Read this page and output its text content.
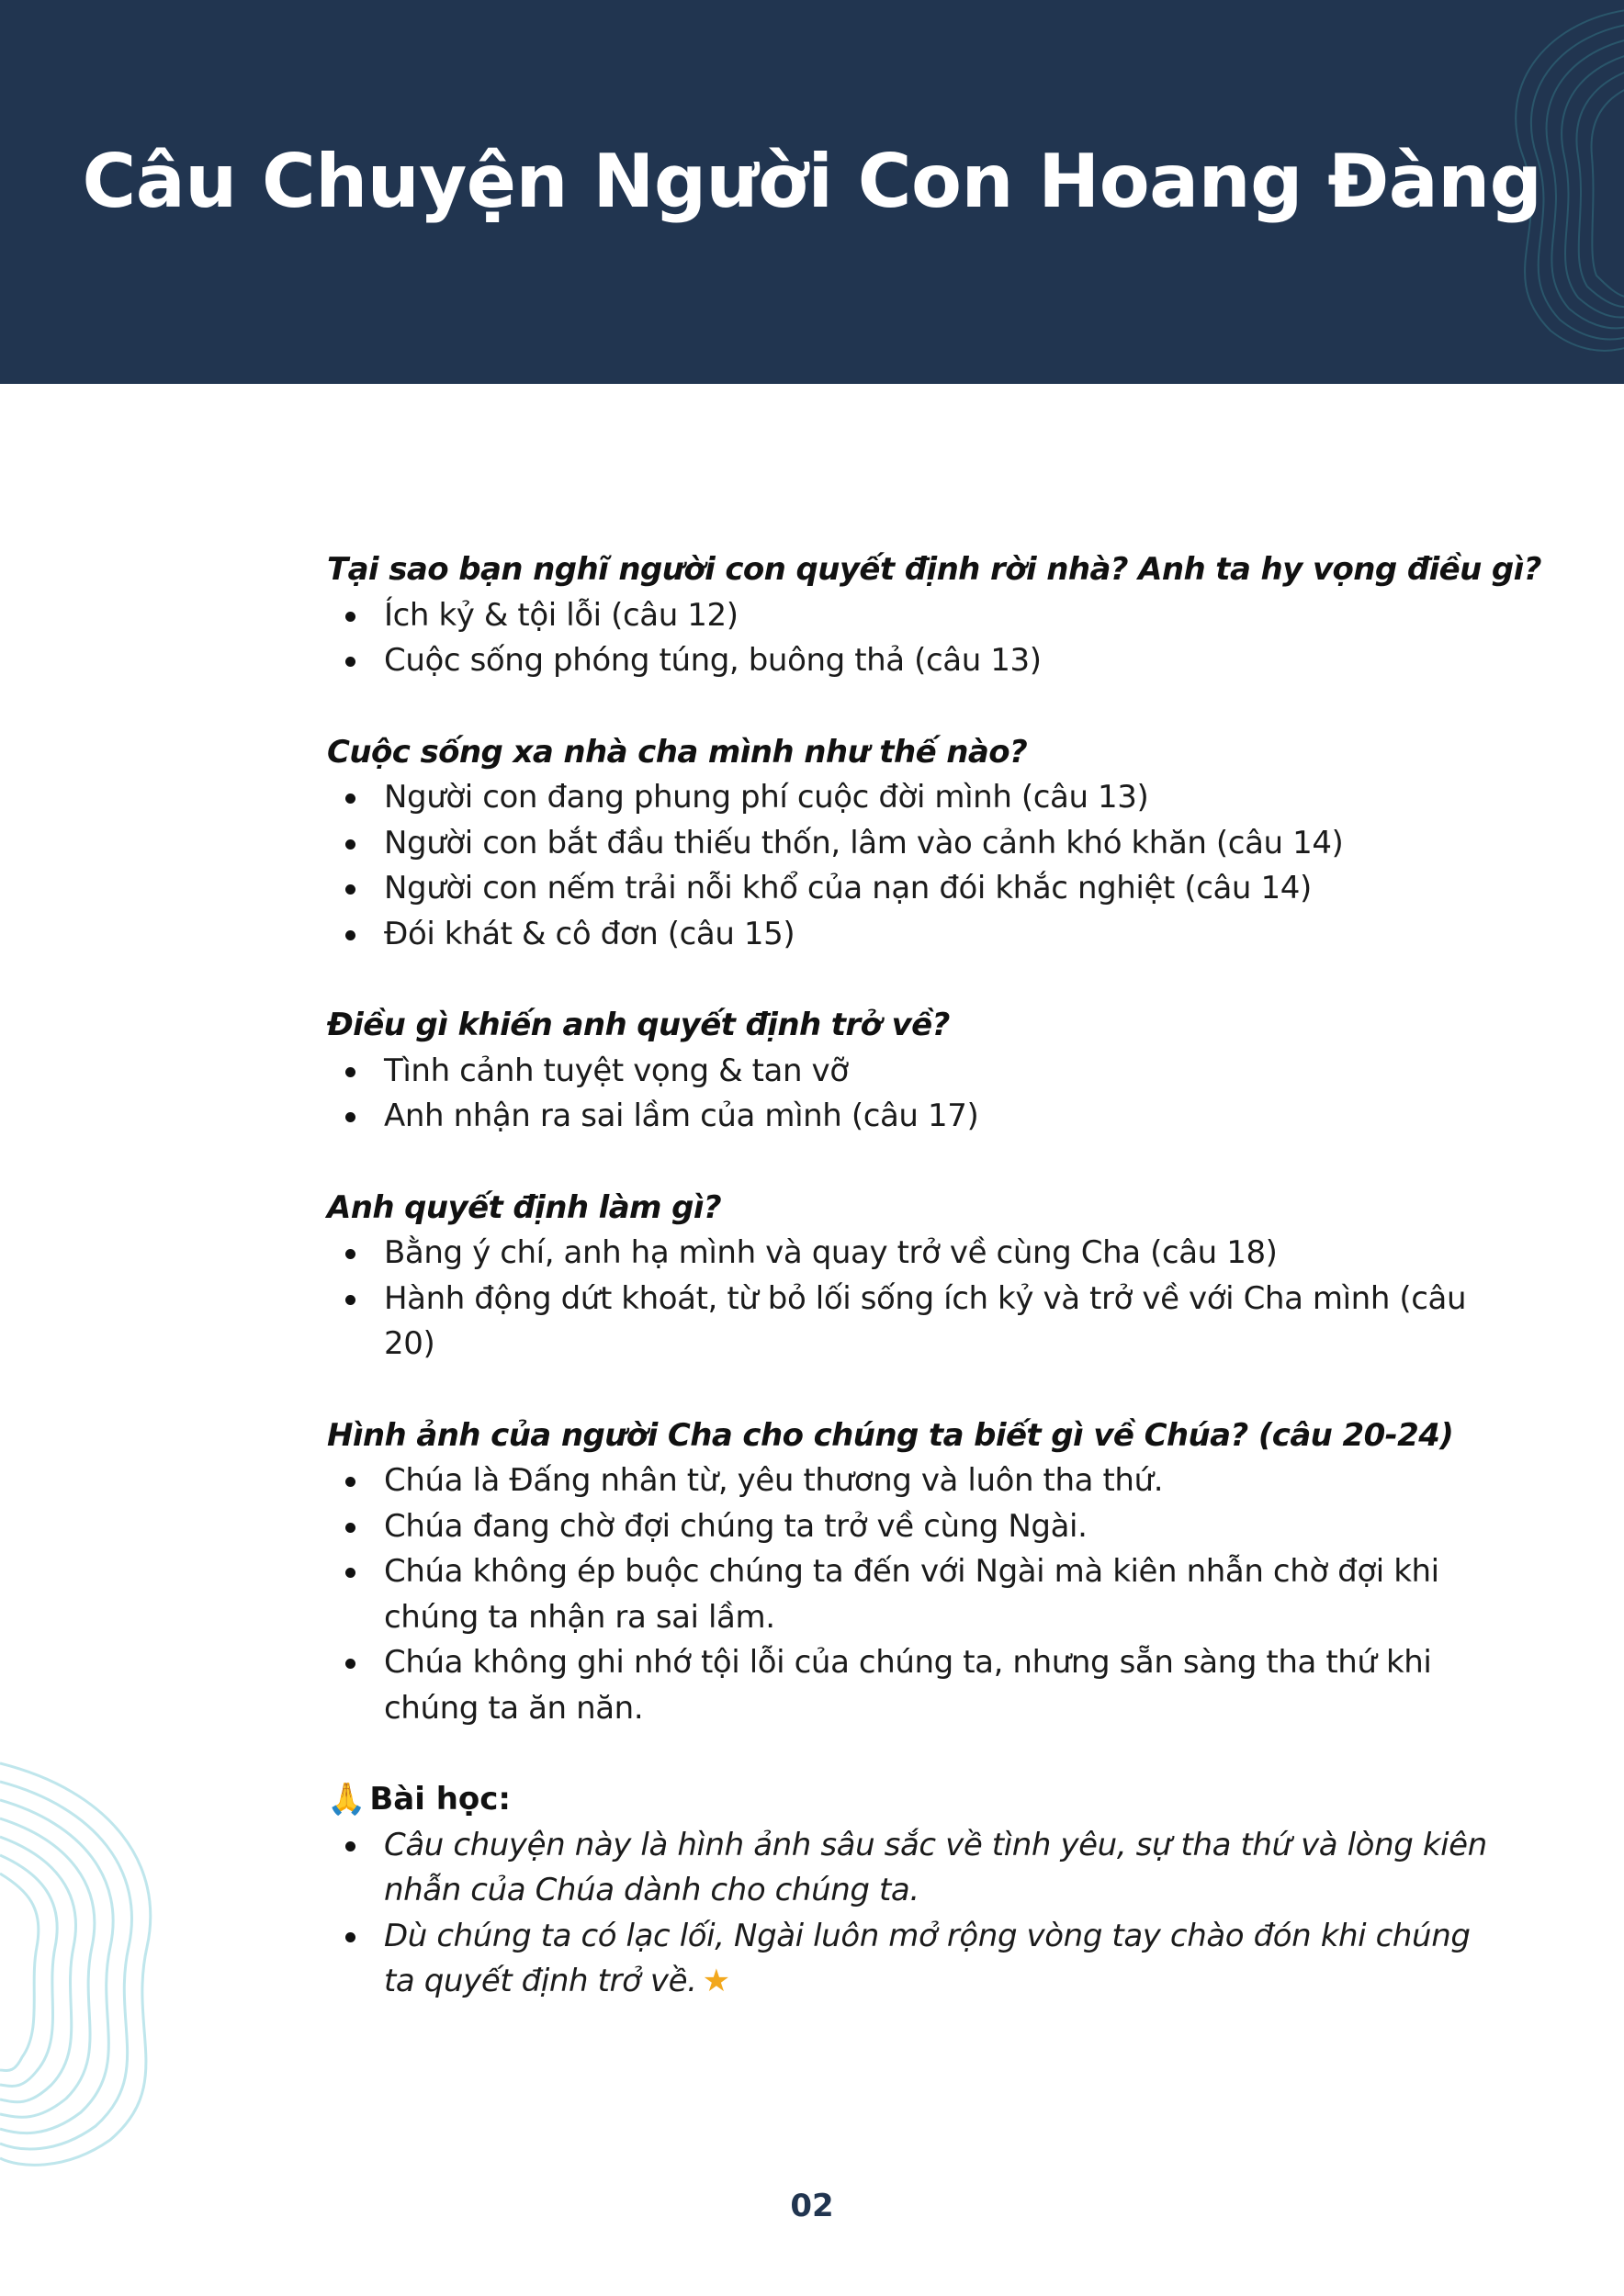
Câu Chuyện Người Con Hoang Đàng
Tại sao bạn nghĩ người con quyết định rời nhà? Anh ta hy vọng điều gì?
Ích kỷ & tội lỗi (câu 12)
Cuộc sống phóng túng, buông thả (câu 13)
Cuộc sống xa nhà cha mình như thế nào?
Người con đang phung phí cuộc đời mình (câu 13)
Người con bắt đầu thiếu thốn, lâm vào cảnh khó khăn (câu 14)
Người con nếm trải nỗi khổ của nạn đói khắc nghiệt (câu 14)
Đói khát & cô đơn (câu 15)
Điều gì khiến anh quyết định trở về?
Tình cảnh tuyệt vọng & tan vỡ
Anh nhận ra sai lầm của mình (câu 17)
Anh quyết định làm gì?
Bằng ý chí, anh hạ mình và quay trở về cùng Cha (câu 18)
Hành động dứt khoát, từ bỏ lối sống ích kỷ và trở về với Cha mình (câu 20)
Hình ảnh của người Cha cho chúng ta biết gì về Chúa? (câu 20-24)
Chúa là Đấng nhân từ, yêu thương và luôn tha thứ.
Chúa đang chờ đợi chúng ta trở về cùng Ngài.
Chúa không ép buộc chúng ta đến với Ngài mà kiên nhẫn chờ đợi khi chúng ta nhận ra sai lầm.
Chúa không ghi nhớ tội lỗi của chúng ta, nhưng sẵn sàng tha thứ khi chúng ta ăn năn.
🙏 Bài học:
Câu chuyện này là hình ảnh sâu sắc về tình yêu, sự tha thứ và lòng kiên nhẫn của Chúa dành cho chúng ta.
Dù chúng ta có lạc lối, Ngài luôn mở rộng vòng tay chào đón khi chúng ta quyết định trở về. ★
02
